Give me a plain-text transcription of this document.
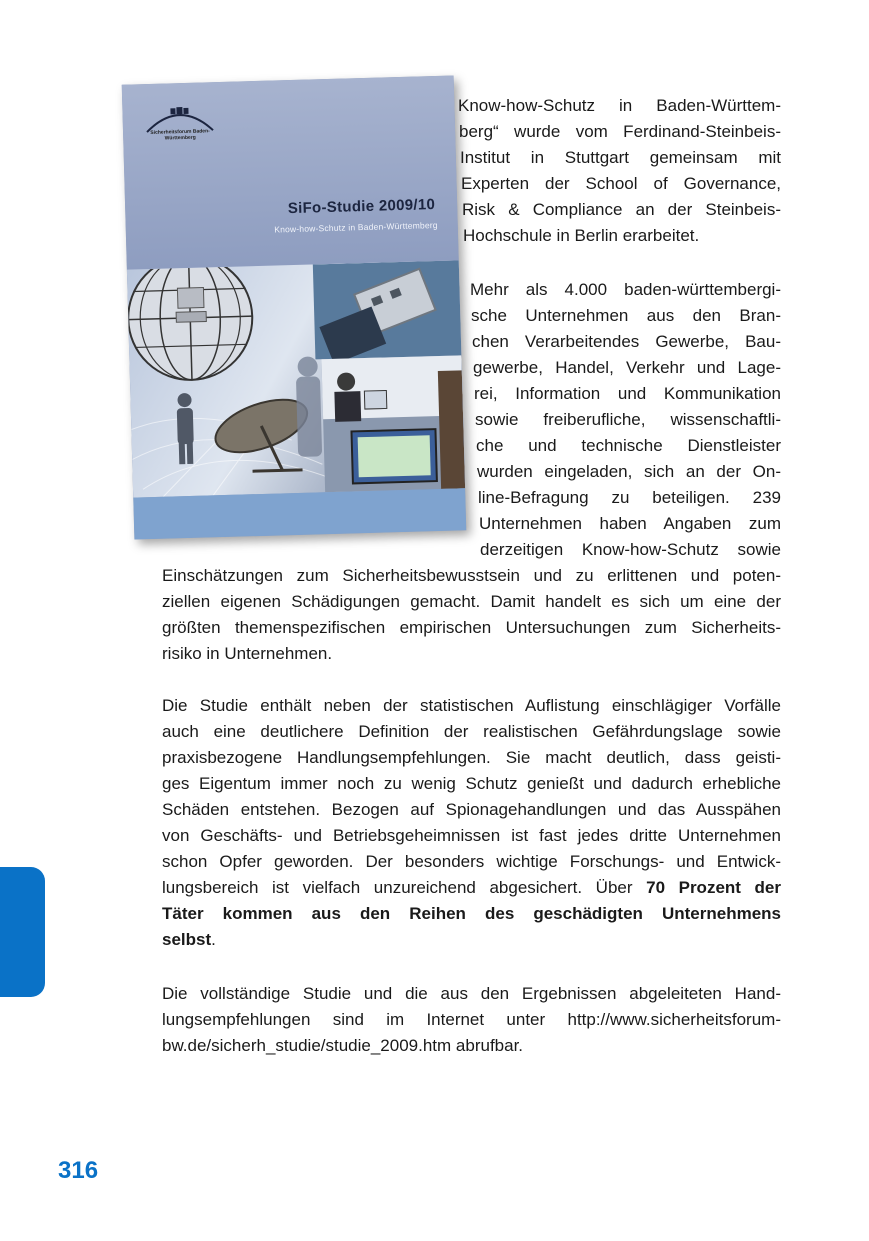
Sicherheitsforum Baden-Württemberg
SiFo-Studie 2009/10
Know-how-Schutz in Baden-Württemberg
Know-how-Schutz in Baden-Württem-
berg“ wurde vom Ferdinand-Steinbeis-
Institut in Stuttgart gemeinsam mit
Experten der School of Governance,
Risk & Compliance an der Steinbeis-
Hochschule in Berlin erarbeitet.
Mehr als 4.000 baden-württembergi-
sche Unternehmen aus den Bran-
chen Verarbeitendes Gewerbe, Bau-
gewerbe, Handel, Verkehr und Lage-
rei, Information und Kommunikation
sowie freiberufliche, wissenschaftli-
che und technische Dienstleister
wurden eingeladen, sich an der On-
line-Befragung zu beteiligen. 239
Unternehmen haben Angaben zum
derzeitigen Know-how-Schutz sowie
Einschätzungen zum Sicherheitsbewusstsein und zu erlittenen und poten-
ziellen eigenen Schädigungen gemacht. Damit handelt es sich um eine der
größten themenspezifischen empirischen Untersuchungen zum Sicherheits-
risiko in Unternehmen.
Die Studie enthält neben der statistischen Auflistung einschlägiger Vorfälle
auch eine deutlichere Definition der realistischen Gefährdungslage sowie
praxisbezogene Handlungsempfehlungen. Sie macht deutlich, dass geisti-
ges Eigentum immer noch zu wenig Schutz genießt und dadurch erhebliche
Schäden entstehen. Bezogen auf Spionagehandlungen und das Ausspähen
von Geschäfts- und Betriebsgeheimnissen ist fast jedes dritte Unternehmen
schon Opfer geworden. Der besonders wichtige Forschungs- und Entwick-
lungsbereich ist vielfach unzureichend abgesichert. Über 70 Prozent der
Täter kommen aus den Reihen des geschädigten Unternehmens
selbst.
Die vollständige Studie und die aus den Ergebnissen abgeleiteten Hand-
lungsempfehlungen sind im Internet unter http://www.sicherheitsforum-
bw.de/sicherh_studie/studie_2009.htm abrufbar.
316
